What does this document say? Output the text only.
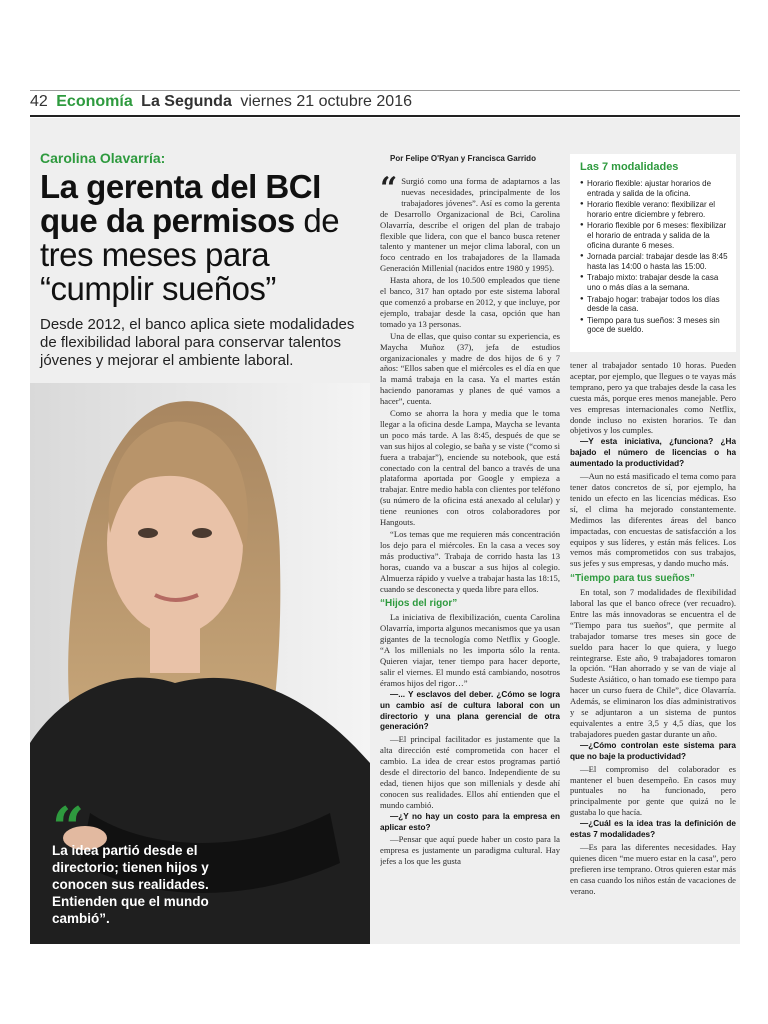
42 Economía La Segunda viernes 21 octubre 2016
Carolina Olavarría:
La gerenta del BCI que da permisos de tres meses para “cumplir sueños”

Desde 2012, el banco aplica siete modalidades de flexibilidad laboral para conservar talentos jóvenes y mejorar el ambiente laboral.

“

La idea partió desde el directorio; tienen hijos y conocen sus realidades. Entienden que el mundo cambió”.

Por Felipe O'Ryan y Francisca Garrido

“ Surgió como una forma de adaptarnos a las nuevas necesidades, principalmente de los trabajadores jóvenes”. Así es como la gerenta de Desarrollo Organizacional de Bci, Carolina Olavarría, describe el origen del plan de trabajo flexible que lidera, con que el banco busca retener talento y mantener un mejor clima laboral, con un foco centrado en los trabajadores de la llamada Generación Millenial (nacidos entre 1980 y 1995).

Hasta ahora, de los 10.500 empleados que tiene el banco, 317 han optado por este sistema laboral que comenzó a probarse en 2012, y que incluye, por ejemplo, trabajar desde la casa, opción que han tomado ya 13 personas.

Una de ellas, que quiso contar su experiencia, es Maycha Muñoz (37), jefa de estudios organizacionales y madre de dos hijos de 6 y 7 años: “Ellos saben que el miércoles es el día en que la mamá trabaja en la casa. Ya el martes están haciendo panoramas y planes de qué vamos a hacer”, cuenta.

Como se ahorra la hora y media que le toma llegar a la oficina desde Lampa, Maycha se levanta un poco más tarde. A las 8:45, después de que se van sus hijos al colegio, se baña y se viste (“como si fuera a trabajar”), enciende su notebook, que está conectado con la central del banco a través de una plataforma aportada por Google y empieza a trabajar. Entre medio habla con clientes por teléfono (su número de la oficina está anexado al celular) y tiene reuniones con otros colaboradores por Hangouts.

“Los temas que me requieren más concentración los dejo para el miércoles. En la casa a veces soy más productiva”. Trabaja de corrido hasta las 13 horas, cuando va a buscar a sus hijos al colegio. Almuerza rápido y vuelve a trabajar hasta las 18:15, cuando se desconecta y queda libre para ellos.

“Hijos del rigor”

La iniciativa de flexibilización, cuenta Carolina Olavarría, importa algunos mecanismos que ya usan gigantes de la tecnología como Netflix y Google. “A los millenials no les importa sólo la renta. Quieren viajar, tener tiempo para hacer deporte, salir el viernes. El mundo está cambiando, nosotros éramos hijos del rigor…”

—... Y esclavos del deber. ¿Cómo se logra un cambio así de cultura laboral con un directorio y una plana gerencial de otra generación?

—El principal facilitador es justamente que la alta dirección esté comprometida con hacer el cambio. La idea de crear estos programas partió desde el directorio del banco. Independiente de su edad, tienen hijos que son millenials y desde ahí conocen sus realidades. Ellos ahí entienden que el mundo cambió.

—¿Y no hay un costo para la empresa en aplicar esto?

—Pensar que aquí puede haber un costo para la empresa es justamente un paradigma cultural. Hay jefes a los que les gusta

Las 7 modalidades
● Horario flexible: ajustar horarios de entrada y salida de la oficina.
● Horario flexible verano: flexibilizar el horario entre diciembre y febrero.
● Horario flexible por 6 meses: flexibilizar el horario de entrada y salida de la oficina durante 6 meses.
● Jornada parcial: trabajar desde las 8:45 hasta las 14:00 o hasta las 15:00.
● Trabajo mixto: trabajar desde la casa uno o más días a la semana.
● Trabajo hogar: trabajar todos los días desde la casa.
● Tiempo para tus sueños: 3 meses sin goce de sueldo.

tener al trabajador sentado 10 horas. Pueden aceptar, por ejemplo, que llegues o te vayas más temprano, pero ya que trabajes desde la casa les cuesta más, porque eres menos manejable. Pero ves empresas internacionales como Netflix, donde incluso no existen horarios. Te dan objetivos y los cumples.

—Y esta iniciativa, ¿funciona? ¿Ha bajado el número de licencias o ha aumentado la productividad?

—Aun no está masificado el tema como para tener datos concretos de sí, por ejemplo, ha tenido un efecto en las licencias médicas. Eso sí, el clima ha mejorado constantemente. Medimos las diferentes áreas del banco impactadas, con encuestas de satisfacción a los equipos y sus líderes, y están más felices. Los vemos más comprometidos con sus trabajos, sus jefes y sus empresas, y dando mucho más.

“Tiempo para tus sueños”

En total, son 7 modalidades de flexibilidad laboral las que el banco ofrece (ver recuadro). Entre las más innovadoras se encuentra el de “Tiempo para tus sueños”, que permite al trabajador tomarse tres meses sin goce de sueldo para hacer lo que quiera, y luego reintegrarse. Este año, 9 trabajadores tomaron la opción. “Han ahorrado y se van de viaje al Sudeste Asiático, o han tomado ese tiempo para hacer un curso fuera de Chile”, dice Olavarría. Además, se eliminaron los días administrativos y se adjuntaron a un sistema de puntos equivalentes a entre 3,5 y 4,5 días, que los trabajadores pueden gastar durante un año.

—¿Cómo controlan este sistema para que no baje la productividad?

—El compromiso del colaborador es mantener el buen desempeño. En casos muy puntuales no ha funcionado, pero principalmente por gente que quizá no le gustaba lo que hacía.

—¿Cuál es la idea tras la definición de estas 7 modalidades?

—Es para las diferentes necesidades. Hay quienes dicen “me muero estar en la casa”, pero prefieren irse temprano. Otros quieren estar más en casa cuando los niños están de vacaciones de verano.
